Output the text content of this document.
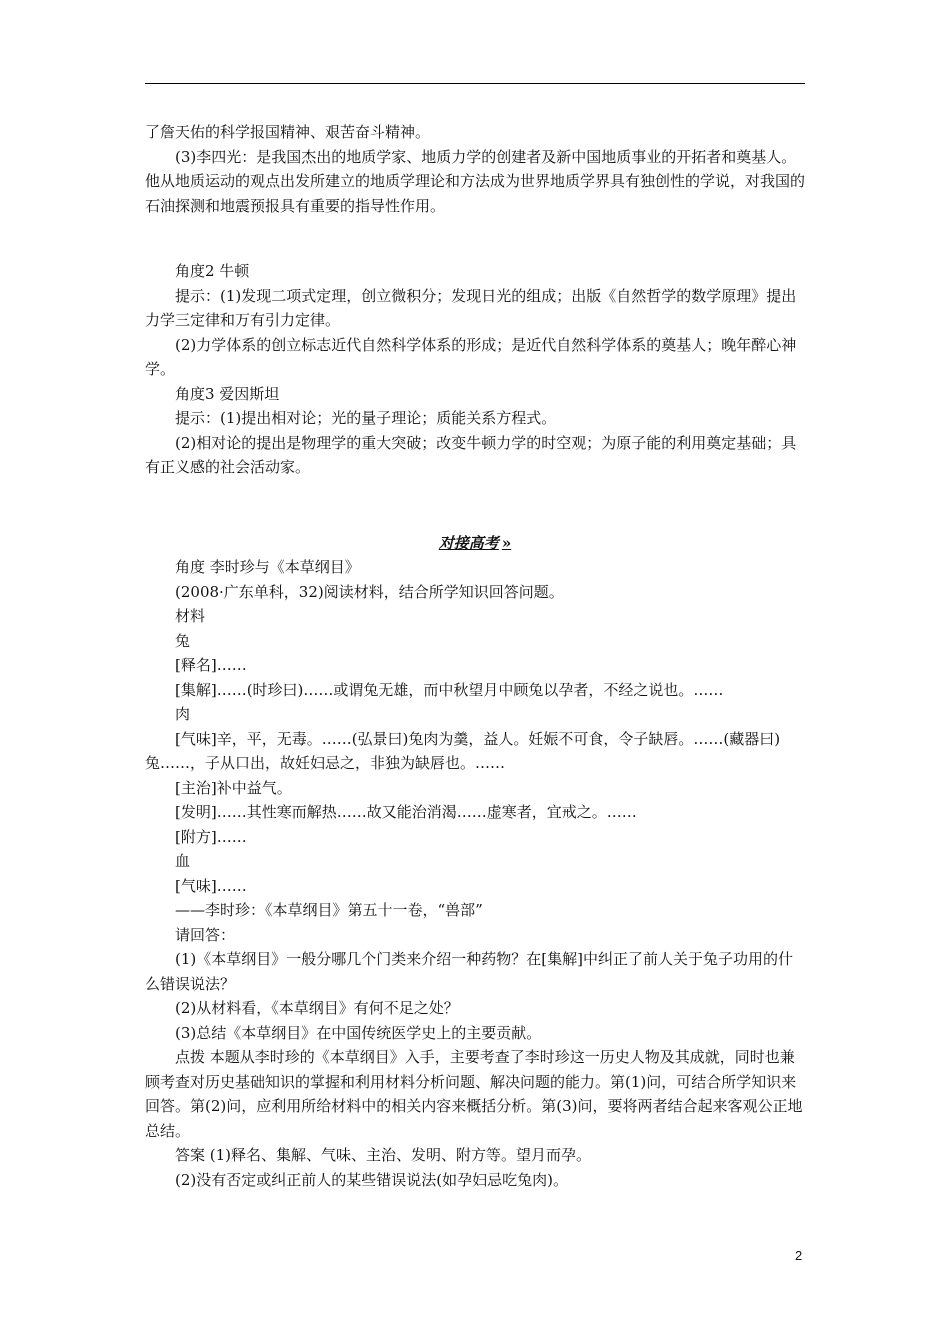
了詹天佑的科学报国精神、艰苦奋斗精神。

(3)李四光：是我国杰出的地质学家、地质力学的创建者及新中国地质事业的开拓者和奠基人。他从地质运动的观点出发所建立的地质学理论和方法成为世界地质学界具有独创性的学说，对我国的石油探测和地震预报具有重要的指导性作用。

角度2 牛顿

提示：(1)发现二项式定理，创立微积分；发现日光的组成；出版《自然哲学的数学原理》提出力学三定律和万有引力定律。

(2)力学体系的创立标志近代自然科学体系的形成；是近代自然科学体系的奠基人；晚年醉心神学。

角度3 爱因斯坦

提示：(1)提出相对论；光的量子理论；质能关系方程式。

(2)相对论的提出是物理学的重大突破；改变牛顿力学的时空观；为原子能的利用奠定基础；具有正义感的社会活动家。

对接高考 »

角度 李时珍与《本草纲目》

(2008·广东单科，32)阅读材料，结合所学知识回答问题。

材料

兔

[释名]……

[集解]……(时珍曰)……或谓兔无雄，而中秋望月中顾兔以孕者，不经之说也。……

肉

[气味]辛，平，无毒。……(弘景曰)兔肉为羹，益人。妊娠不可食，令子缺唇。……(藏器曰)兔……，子从口出，故妊妇忌之，非独为缺唇也。……

[主治]补中益气。

[发明]……其性寒而解热……故又能治消渴……虚寒者，宜戒之。……

[附方]……

血

[气味]……

——李时珍：《本草纲目》第五十一卷，“兽部”

请回答：

(1)《本草纲目》一般分哪几个门类来介绍一种药物？在[集解]中纠正了前人关于兔子功用的什么错误说法？

(2)从材料看，《本草纲目》有何不足之处？

(3)总结《本草纲目》在中国传统医学史上的主要贡献。

点拨 本题从李时珍的《本草纲目》入手，主要考查了李时珍这一历史人物及其成就，同时也兼顾考查对历史基础知识的掌握和利用材料分析问题、解决问题的能力。第(1)问，可结合所学知识来回答。第(2)问，应利用所给材料中的相关内容来概括分析。第(3)问，要将两者结合起来客观公正地总结。

答案 (1)释名、集解、气味、主治、发明、附方等。望月而孕。

(2)没有否定或纠正前人的某些错误说法(如孕妇忌吃兔肉)。

2
